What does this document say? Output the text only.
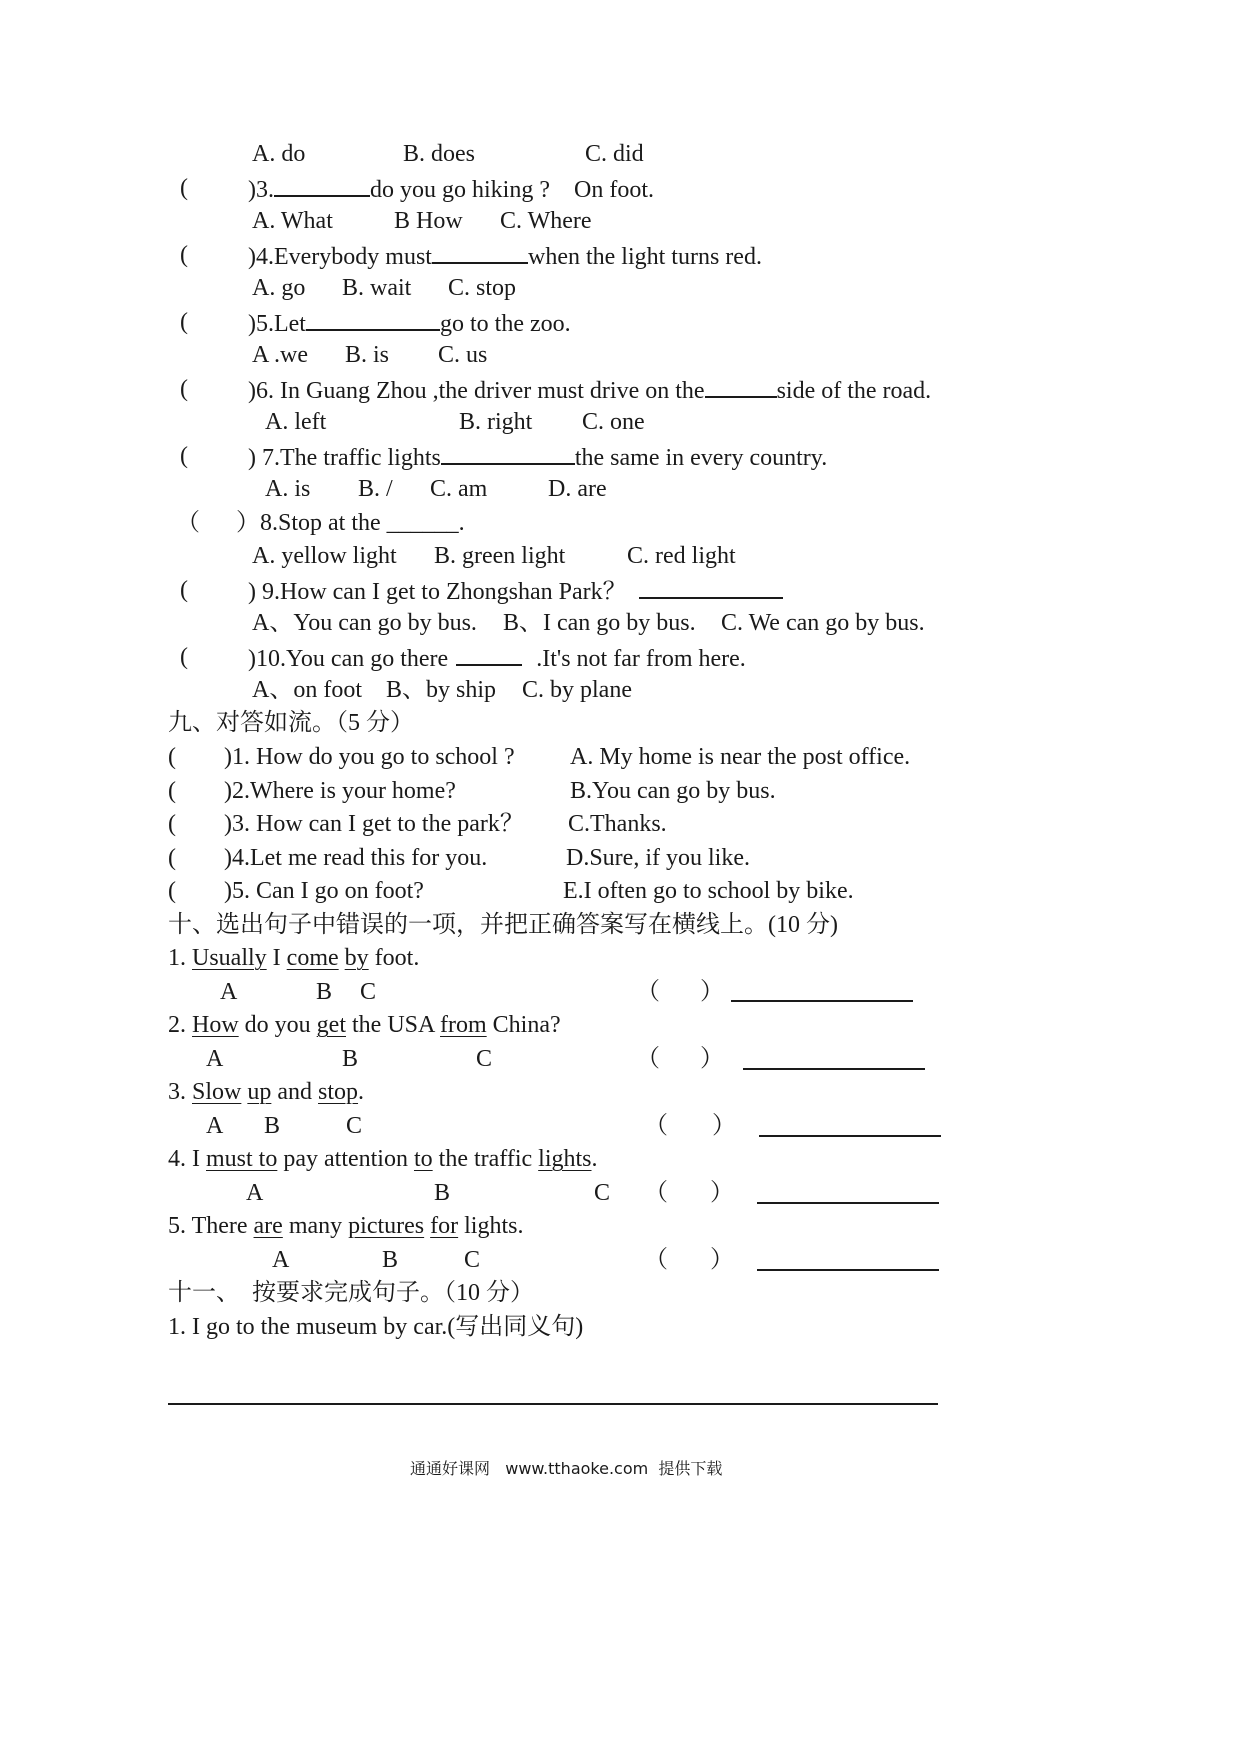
A. do	B. does	C. did
(	)3.	do you go hiking ?    On foot.
A. What	B How C. Where
(	)4.Everybody must	when the light turns red.
A. go B. wait C. stop
(	)5.Let	go to the zoo.
A .we B. is C. us
(	)6. In Guang Zhou ,the driver must drive on the	side of the road.
A. left	B. right C. one
(	) 7.The traffic lights	the same in every country.
A. is B. / C. am	D. are
（ ）8.Stop at the ______.
A. yellow light B. green light	C. red light
(	) 9.How can I get to Zhongshan Park？
A、You can go by bus. B、I can go by bus. C. We can go by bus.
(	)10.You can go there	.It's not far from here.
A、on foot B、by ship C. by plane
九、对答如流。（5 分）
(        )1. How do you go to school ? A. My home is near the post office.
(        )2.Where is your home?	B.You can go by bus.
(        )3. How can I get to the park？ C.Thanks.
(        )4.Let me read this for you.	D.Sure, if you like.
(        )5. Can I go on foot?	E.I often go to school by bike.
十、选出句子中错误的一项，并把正确答案写在横线上。(10 分)
1. Usually I come by foot.
A	B C	（ ）
2. How do you get the USA from China?
A	B	C	（ ）
3. Slow up and stop.
A B	C	（ ）
4. I must to pay attention to the traffic lights.
A	B	C （ ）
5. There are many pictures for lights.
A	B	C	（ ）
十一、  按要求完成句子。（10 分）
1. I go to the museum by car.(写出同义句)
通通好课网   www.tthaoke.com  提供下载
